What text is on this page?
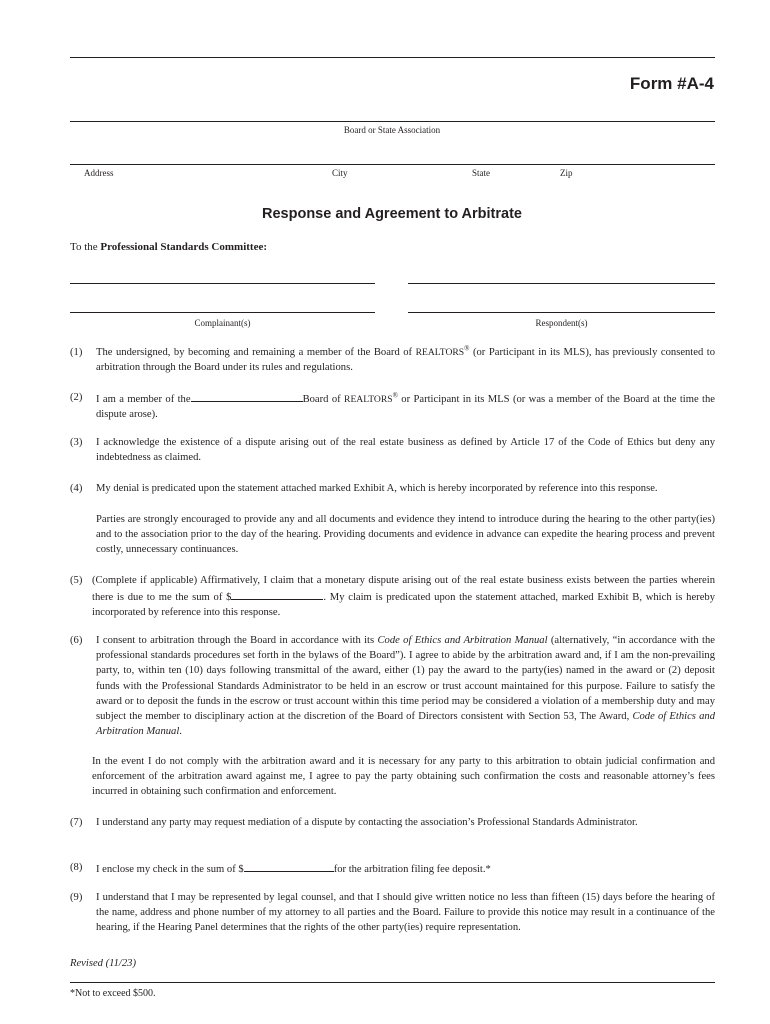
Form #A-4
Board or State Association
Address	City	State	Zip
Response and Agreement to Arbitrate
To the Professional Standards Committee:
Complainant(s)	Respondent(s)
(1) The undersigned, by becoming and remaining a member of the Board of REALTORS® (or Participant in its MLS), has previously consented to arbitration through the Board under its rules and regulations.
(2) I am a member of the	Board of REALTORS® or Participant in its MLS (or was a member of the Board at the time the dispute arose).
(3) I acknowledge the existence of a dispute arising out of the real estate business as defined by Article 17 of the Code of Ethics but deny any indebtedness as claimed.
(4) My denial is predicated upon the statement attached marked Exhibit A, which is hereby incorporated by reference into this response.
Parties are strongly encouraged to provide any and all documents and evidence they intend to introduce during the hearing to the other party(ies) and to the association prior to the day of the hearing. Providing documents and evidence in advance can expedite the hearing process and prevent costly, unnecessary continuances.
(5) (Complete if applicable) Affirmatively, I claim that a monetary dispute arising out of the real estate business exists between the parties wherein there is due to me the sum of $	. My claim is predicated upon the statement attached, marked Exhibit B, which is hereby incorporated by reference into this response.
(6) I consent to arbitration through the Board in accordance with its Code of Ethics and Arbitration Manual (alternatively, “in accordance with the professional standards procedures set forth in the bylaws of the Board”). I agree to abide by the arbitration award and, if I am the non-prevailing party, to, within ten (10) days following transmittal of the award, either (1) pay the award to the party(ies) named in the award or (2) deposit funds with the Professional Standards Administrator to be held in an escrow or trust account maintained for this purpose. Failure to satisfy the award or to deposit the funds in the escrow or trust account within this time period may be considered a violation of a membership duty and may subject the member to disciplinary action at the discretion of the Board of Directors consistent with Section 53, The Award, Code of Ethics and Arbitration Manual.
In the event I do not comply with the arbitration award and it is necessary for any party to this arbitration to obtain judicial confirmation and enforcement of the arbitration award against me, I agree to pay the party obtaining such confirmation the costs and reasonable attorney’s fees incurred in obtaining such confirmation and enforcement.
(7) I understand any party may request mediation of a dispute by contacting the association’s Professional Standards Administrator.
(8) I enclose my check in the sum of $	for the arbitration filing fee deposit.*
(9) I understand that I may be represented by legal counsel, and that I should give written notice no less than fifteen (15) days before the hearing of the name, address and phone number of my attorney to all parties and the Board. Failure to provide this notice may result in a continuance of the hearing, if the Hearing Panel determines that the rights of the other party(ies) require representation.
Revised (11/23)
*Not to exceed $500.
